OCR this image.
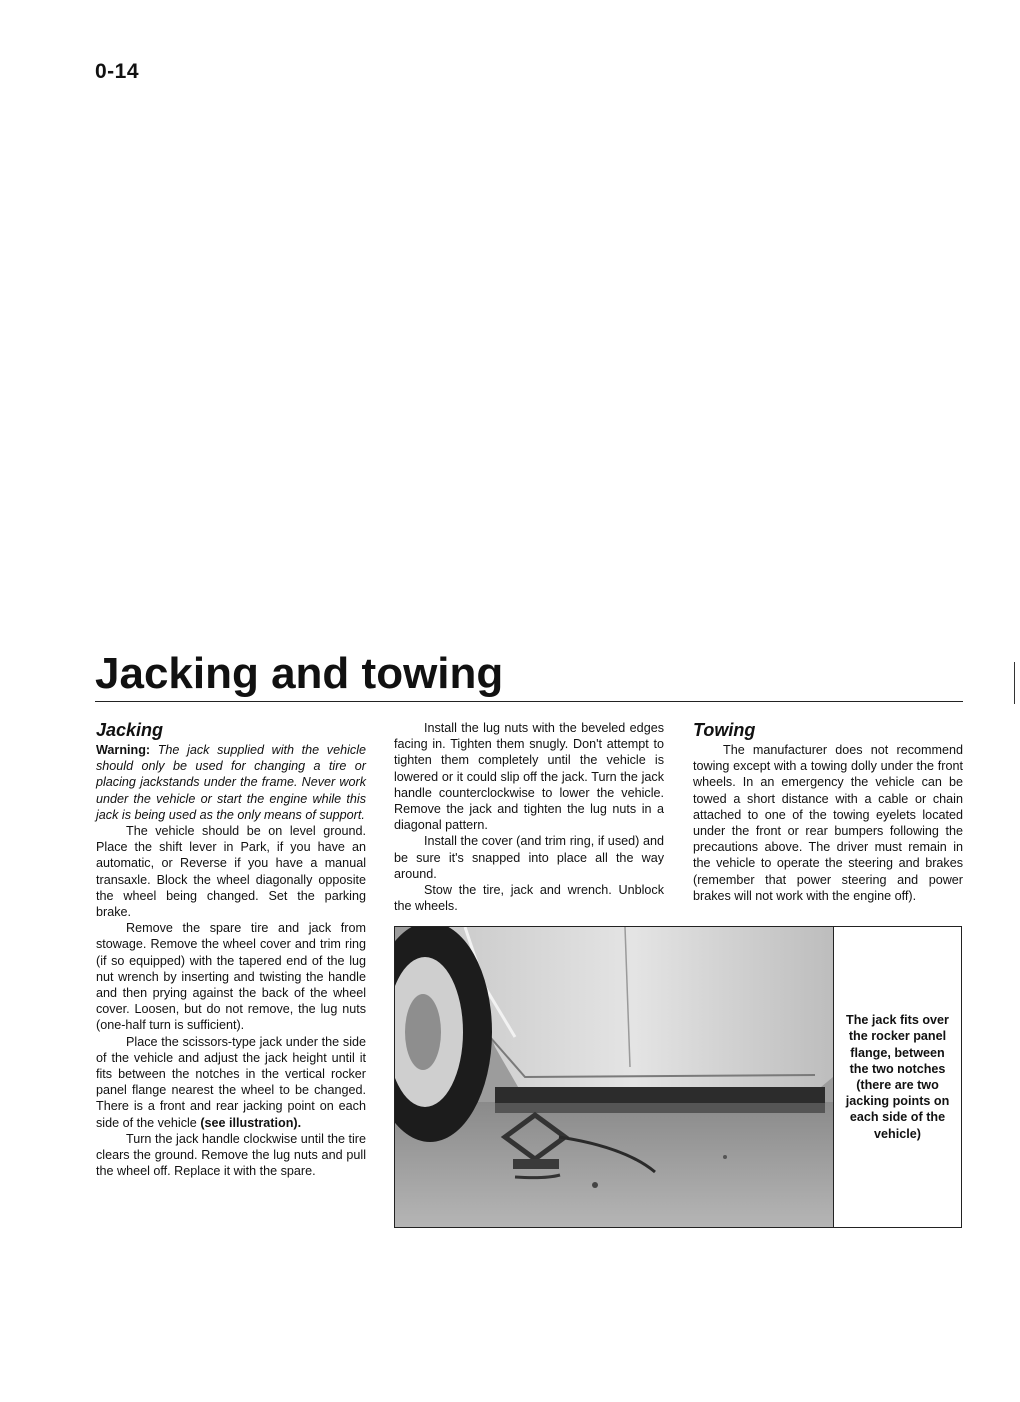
0-14
Jacking and towing
Jacking

Warning: The jack supplied with the vehicle should only be used for changing a tire or placing jackstands under the frame. Never work under the vehicle or start the engine while this jack is being used as the only means of support.

The vehicle should be on level ground. Place the shift lever in Park, if you have an automatic, or Reverse if you have a manual transaxle. Block the wheel diagonally opposite the wheel being changed. Set the parking brake.

Remove the spare tire and jack from stowage. Remove the wheel cover and trim ring (if so equipped) with the tapered end of the lug nut wrench by inserting and twisting the handle and then prying against the back of the wheel cover. Loosen, but do not remove, the lug nuts (one-half turn is sufficient).

Place the scissors-type jack under the side of the vehicle and adjust the jack height until it fits between the notches in the vertical rocker panel flange nearest the wheel to be changed. There is a front and rear jacking point on each side of the vehicle (see illustration).

Turn the jack handle clockwise until the tire clears the ground. Remove the lug nuts and pull the wheel off. Replace it with the spare.

Install the lug nuts with the beveled edges facing in. Tighten them snugly. Don't attempt to tighten them completely until the vehicle is lowered or it could slip off the jack. Turn the jack handle counterclockwise to lower the vehicle. Remove the jack and tighten the lug nuts in a diagonal pattern.

Install the cover (and trim ring, if used) and be sure it's snapped into place all the way around.

Stow the tire, jack and wrench. Unblock the wheels.

Towing

The manufacturer does not recommend towing except with a towing dolly under the front wheels. In an emergency the vehicle can be towed a short distance with a cable or chain attached to one of the towing eyelets located under the front or rear bumpers following the precautions above. The driver must remain in the vehicle to operate the steering and brakes (remember that power steering and power brakes will not work with the engine off).

The jack fits over the rocker panel flange, between the two notches (there are two jacking points on each side of the vehicle)
